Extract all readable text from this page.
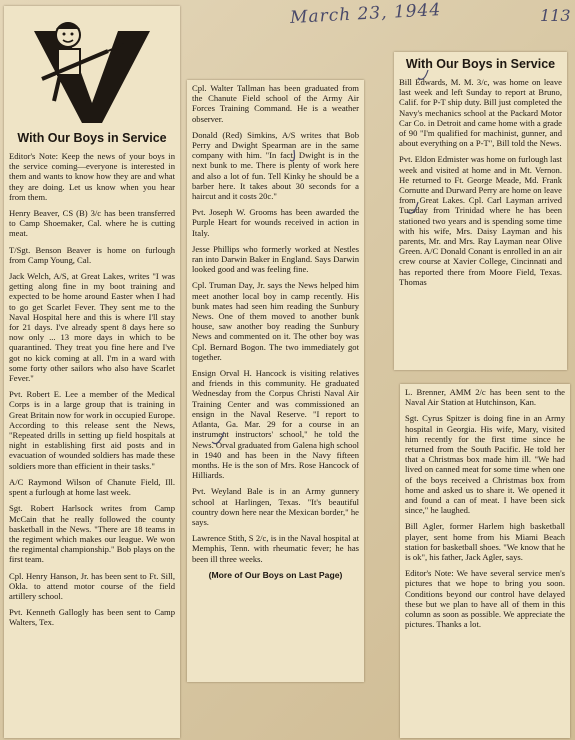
March 23, 1944	113
With Our Boys in Service

Editor's Note: Keep the news of your boys in the service coming—everyone is interested in them and wants to know how they are and what they are doing. Let us know when you hear from them.

Henry Beaver, CS (B) 3/c has been transferred to Camp Shoemaker, Cal. where he is cutting meat.

T/Sgt. Benson Beaver is home on furlough from Camp Young, Cal.

Jack Welch, A/S, at Great Lakes, writes "I was getting along fine in my boot training and expected to be home around Easter when I had to go get Scarlet Fever. They sent me to the Naval Hospital here and this is where I'll stay for 21 days. I've already spent 8 days here so now only ... 13 more days in which to be quarantined. They treat you fine here and I've got no kick coming at all. I'm in a ward with some forty other sailors who also have Scarlet Fever."

Pvt. Robert E. Lee a member of the Medical Corps is in a large group that is training in Great Britain now for work in occupied Europe. According to this release sent the News, "Repeated drills in setting up field hospitals at night in establishing first aid posts and in evacuation of wounded soldiers has made these soldiers more than efficient in their tasks."

A/C Raymond Wilson of Chanute Field, Ill. spent a furlough at home last week.

Sgt. Robert Harlsock writes from Camp McCain that he really followed the county basketball in the News. "There are 18 teams in the regiment which makes our league. We won the regimental championship." Bob plays on the first team.

Cpl. Henry Hanson, Jr. has been sent to Ft. Sill, Okla. to attend motor course of the field artillery school.

Pvt. Kenneth Gallogly has been sent to Camp Walters, Tex.

Cpl. Walter Tallman has been graduated from the Chanute Field school of the Army Air Forces Training Command. He is a weather observer.

Donald (Red) Simkins, A/S writes that Bob Perry and Dwight Spearman are in the same company with him. "In fact, Dwight is in the next bunk to me. There is plenty of work here and also a lot of fun. Tell Kinky he should be a barber here. It takes about 30 seconds for a haircut and it costs 20c."

Pvt. Joseph W. Grooms has been awarded the Purple Heart for wounds received in action in Italy.

Jesse Phillips who formerly worked at Nestles ran into Darwin Baker in England. Says Darwin looked good and was feeling fine.

Cpl. Truman Day, Jr. says the News helped him meet another local boy in camp recently. His bunk mates had seen him reading the Sunbury News. One of them moved to another bunk house, saw another boy reading the Sunbury News and commented on it. The other boy was Cpl. Bernard Bogon. The two immediately got together.

Ensign Orval H. Hancock is visiting relatives and friends in this community. He graduated Wednesday from the Corpus Christi Naval Air Training Center and was commissioned an ensign in the Naval Reserve. "I report to Atlanta, Ga. Mar. 29 for a course in an instrument instructors' school," he told the News. Orval graduated from Galena high school in 1940 and has been in the Navy fifteen months. He is the son of Mrs. Rose Hancock of Hilliards.

Pvt. Weyland Bale is in an Army gunnery school at Harlingen, Texas. "It's beautiful country down here near the Mexican border," he says.

Lawrence Stith, S 2/c, is in the Naval hospital at Memphis, Tenn. with rheumatic fever; he has been ill three weeks.

(More of Our Boys on Last Page)

With Our Boys in Service

Bill Edwards, M. M. 3/c, was home on leave last week and left Sunday to report at Bruno, Calif. for P-T ship duty. Bill just completed the Navy's mechanics school at the Packard Motor Car Co. in Detroit and came home with a grade of 90 "I'm qualified for machinist, gunner, and about everything on a P-T", Bill told the News.

Pvt. Eldon Edmister was home on furlough last week and visited at home and in Mt. Vernon. He returned to Ft. George Meade, Md. Frank Cornutte and Durward Perry are home on leave from Great Lakes. Cpl. Carl Layman arrived Tuesday from Trinidad where he has been stationed two years and is spending some time with his wife, Mrs. Daisy Layman and his parents, Mr. and Mrs. Ray Layman near Olive Green. A/C Donald Conant is enrolled in an air crew course at Xavier College, Cincinnati and has reported there from Moore Field, Texas. Thomas

L. Brenner, AMM 2/c has been sent to the Naval Air Station at Hutchinson, Kan.

Sgt. Cyrus Spitzer is doing fine in an Army hospital in Georgia. His wife, Mary, visited him recently for the first time since he returned from the South Pacific. He told her that a Christmas box made him ill. "We had lived on canned meat for some time when one of the boys received a Christmas box from home and asked us to share it. We opened it and found a can of meat. I have been sick since," he laughed.

Bill Agler, former Harlem high basketball player, sent home from his Miami Beach station for basketball shoes. "We know that he is ok", his father, Jack Agler, says.

Editor's Note: We have several service men's pictures that we hope to bring you soon. Conditions beyond our control have delayed these but we plan to have all of them in this column as soon as possible. We appreciate the pictures. Thanks a lot.
